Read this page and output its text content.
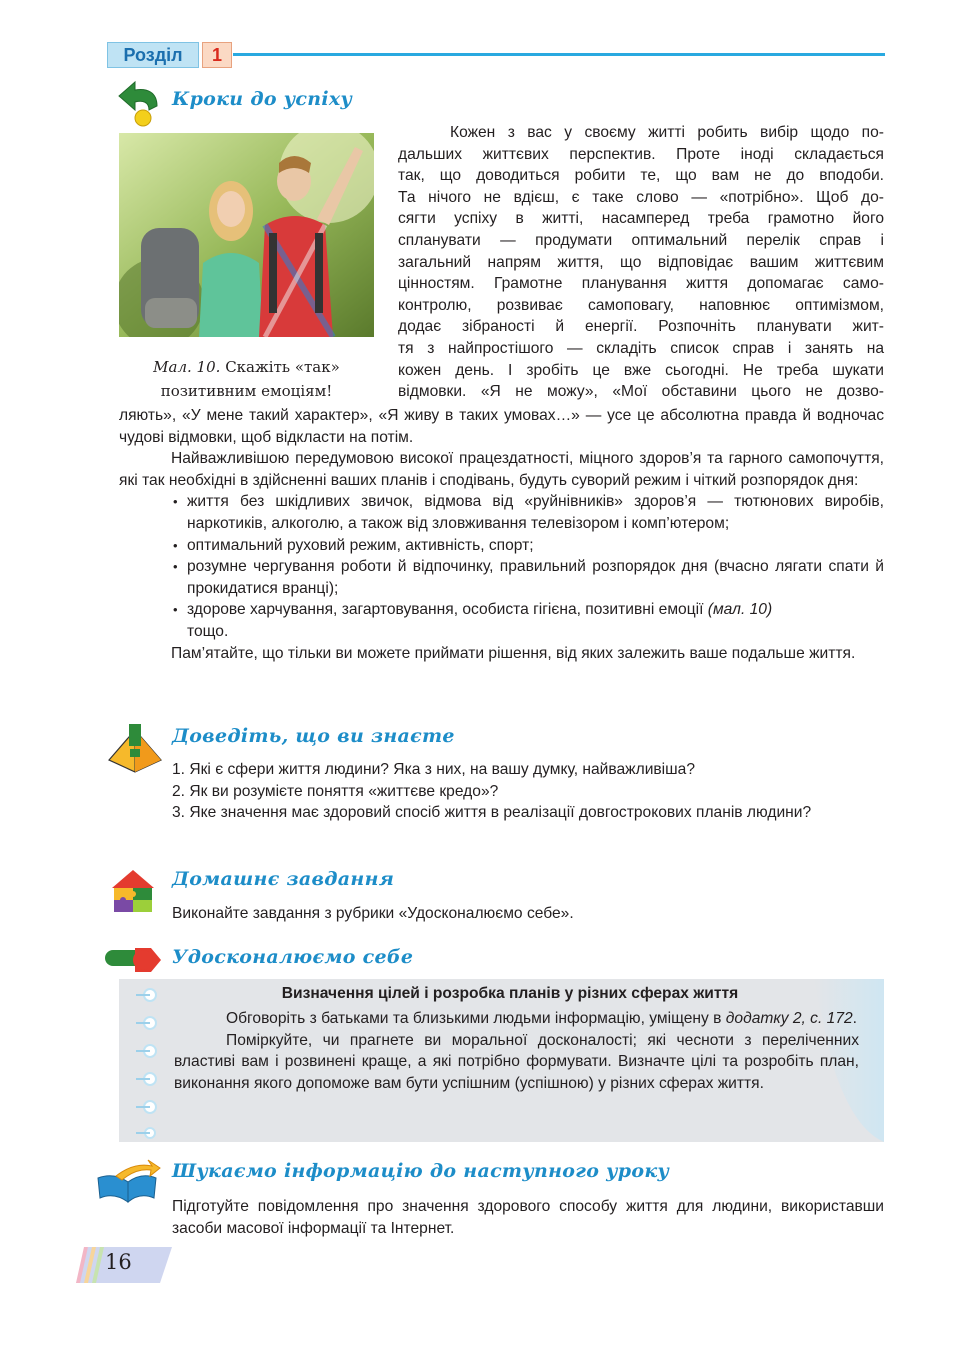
Розділ	1
Кроки до успіху
Мал. 10. Скажіть «так» позитивним емоціям!
Кожен з вас у своєму житті робить вибір щодо по-
дальших життєвих перспектив. Проте іноді складається
так, що доводиться робити те, що вам не до вподоби.
Та нічого не вдієш, є таке слово — «потрібно». Щоб до-
сягти успіху в житті, насамперед треба грамотно його
спланувати — продумати оптимальний перелік справ і
загальний напрям життя, що відповідає вашим життєвим
цінностям. Грамотне планування життя допомагає само-
контролю, розвиває самоповагу, наповнює оптимізмом,
додає зібраності й енергії. Розпочніть планувати жит-
тя з найпростішого — складіть список справ і занять на
кожен день. І зробіть це вже сьогодні. Не треба шукати
відмовки. «Я не можу», «Мої обставини цього не дозво-

ляють», «У мене такий характер», «Я живу в таких умовах…» — усе це абсолютна правда й водночас чудові відмовки, щоб відкласти на потім.

Найважливішою передумовою високої працездатності, міцного здоров’я та гарного самопочуття, які так необхідні в здійсненні ваших планів і сподівань, будуть суворий режим і чіткий розпорядок дня:

• життя без шкідливих звичок, відмова від «руйнівників» здоров’я — тютюнових виробів, наркотиків, алкоголю, а також від зловживання телевізором і комп’ютером;
• оптимальний руховий режим, активність, спорт;
• розумне чергування роботи й відпочинку, правильний розпорядок дня (вчасно лягати спати й прокидатися вранці);
• здорове харчування, загартовування, особиста гігієна, позитивні емоції (мал. 10)
тощо.

Пам’ятайте, що тільки ви можете приймати рішення, від яких залежить ваше подальше життя.

Доведіть, що ви знаєте

1. Які є сфери життя людини? Яка з них, на вашу думку, найважливіша?

2. Як ви розумієте поняття «життєве кредо»?

3. Яке значення має здоровий спосіб життя в реалізації довгострокових планів людини?

Домашнє завдання
Виконайте завдання з рубрики «Удосконалюємо себе».
Удосконалюємо себе
Визначення цілей і розробка планів у різних сферах життя

Обговоріть з батьками та близькими людьми інформацію, уміщену в додатку 2, с. 172.

Поміркуйте, чи прагнете ви моральної досконалості; які чесноти з переліченних властиві вам і розвинені краще, а які потрібно формувати. Визначте цілі та розробіть план, виконання якого допоможе вам бути успішним (успішною) у різних сферах життя.

Шукаємо інформацію до наступного уроку
Підготуйте повідомлення про значення здорового способу життя для людини, використавши засоби масової інформації та Інтернет.
16
